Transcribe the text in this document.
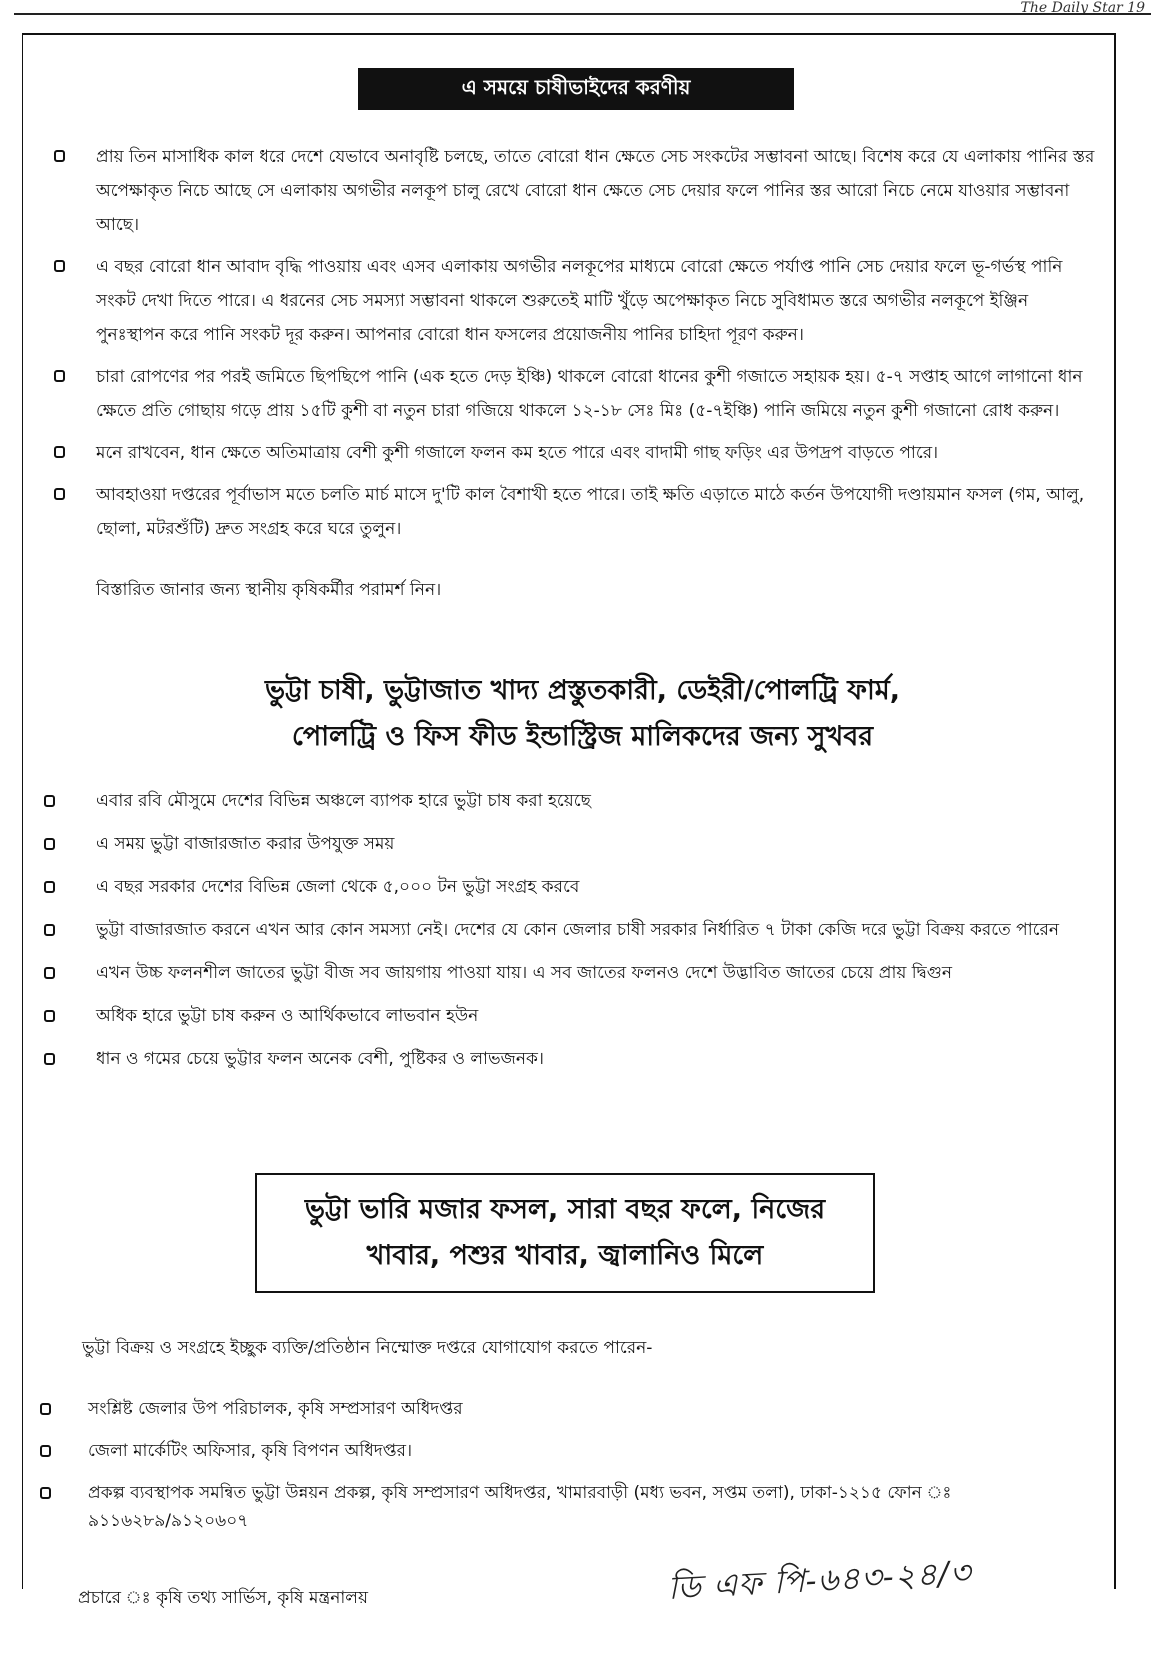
The Daily Star 19
এ সময়ে চাষীভাইদের করণীয়
প্রায় তিন মাসাধিক কাল ধরে দেশে যেভাবে অনাবৃষ্টি চলছে, তাতে বোরো ধান ক্ষেতে সেচ সংকটের সম্ভাবনা আছে। বিশেষ করে যে এলাকায় পানির স্তর অপেক্ষাকৃত নিচে আছে সে এলাকায় অগভীর নলকূপ চালু রেখে বোরো ধান ক্ষেতে সেচ দেয়ার ফলে পানির স্তর আরো নিচে নেমে যাওয়ার সম্ভাবনা আছে।
এ বছর বোরো ধান আবাদ বৃদ্ধি পাওয়ায় এবং এসব এলাকায় অগভীর নলকূপের মাধ্যমে বোরো ক্ষেতে পর্যাপ্ত পানি সেচ দেয়ার ফলে ভূ-গর্ভস্থ পানি সংকট দেখা দিতে পারে। এ ধরনের সেচ সমস্যা সম্ভাবনা থাকলে শুরুতেই মাটি খুঁড়ে অপেক্ষাকৃত নিচে সুবিধামত স্তরে অগভীর নলকূপে ইঞ্জিন পুনঃস্থাপন করে পানি সংকট দূর করুন। আপনার বোরো ধান ফসলের প্রয়োজনীয় পানির চাহিদা পূরণ করুন।
চারা রোপণের পর পরই জমিতে ছিপছিপে পানি (এক হতে দেড় ইঞ্চি) থাকলে বোরো ধানের কুশী গজাতে সহায়ক হয়। ৫-৭ সপ্তাহ আগে লাগানো ধান ক্ষেতে প্রতি গোছায় গড়ে প্রায় ১৫টি কুশী বা নতুন চারা গজিয়ে থাকলে ১২-১৮ সেঃ মিঃ (৫-৭ইঞ্চি) পানি জমিয়ে নতুন কুশী গজানো রোধ করুন।
মনে রাখবেন, ধান ক্ষেতে অতিমাত্রায় বেশী কুশী গজালে ফলন কম হতে পারে এবং বাদামী গাছ ফড়িং এর উপদ্রপ বাড়তে পারে।
আবহাওয়া দপ্তরের পূর্বাভাস মতে চলতি মার্চ মাসে দু'টি কাল বৈশাখী হতে পারে। তাই ক্ষতি এড়াতে মাঠে কর্তন উপযোগী দণ্ডায়মান ফসল (গম, আলু, ছোলা, মটরশুঁটি) দ্রুত সংগ্রহ করে ঘরে তুলুন।
বিস্তারিত জানার জন্য স্থানীয় কৃষিকর্মীর পরামর্শ নিন।
ভুট্টা চাষী, ভুট্টাজাত খাদ্য প্রস্তুতকারী, ডেইরী/পোলট্রি ফার্ম,
পোলট্রি ও ফিস ফীড ইন্ডাস্ট্রিজ মালিকদের জন্য সুখবর
এবার রবি মৌসুমে দেশের বিভিন্ন অঞ্চলে ব্যাপক হারে ভুট্টা চাষ করা হয়েছে
এ সময় ভুট্টা বাজারজাত করার উপযুক্ত সময়
এ বছর সরকার দেশের বিভিন্ন জেলা থেকে ৫,০০০ টন ভুট্টা সংগ্রহ করবে
ভুট্টা বাজারজাত করনে এখন আর কোন সমস্যা নেই। দেশের যে কোন জেলার চাষী সরকার নির্ধারিত ৭ টাকা কেজি দরে ভুট্টা বিক্রয় করতে পারেন
এখন উচ্চ ফলনশীল জাতের ভুট্টা বীজ সব জায়গায় পাওয়া যায়। এ সব জাতের ফলনও দেশে উদ্ভাবিত জাতের চেয়ে প্রায় দ্বিগুন
অধিক হারে ভুট্টা চাষ করুন ও আর্থিকভাবে লাভবান হউন
ধান ও গমের চেয়ে ভুট্টার ফলন অনেক বেশী, পুষ্টিকর ও লাভজনক।
ভুট্টা ভারি মজার ফসল, সারা বছর ফলে, নিজের
খাবার, পশুর খাবার, জ্বালানিও মিলে
ভুট্টা বিক্রয় ও সংগ্রহে ইচ্ছুক ব্যক্তি/প্রতিষ্ঠান নিম্মোক্ত দপ্তরে যোগাযোগ করতে পারেন-
সংশ্লিষ্ট জেলার উপ পরিচালক, কৃষি সম্প্রসারণ অধিদপ্তর
জেলা মার্কেটিং অফিসার, কৃষি বিপণন অধিদপ্তর।
প্রকল্প ব্যবস্থাপক সমন্বিত ভুট্টা উন্নয়ন প্রকল্প, কৃষি সম্প্রসারণ অধিদপ্তর, খামারবাড়ী (মধ্য ভবন, সপ্তম তলা), ঢাকা-১২১৫ ফোন ঃ ৯১১৬২৮৯/৯১২০৬০৭
প্রচারে ঃ কৃষি তথ্য সার্ভিস, কৃষি মন্ত্রনালয়	ডি এফ পি-৬৪৩-২৪/৩
